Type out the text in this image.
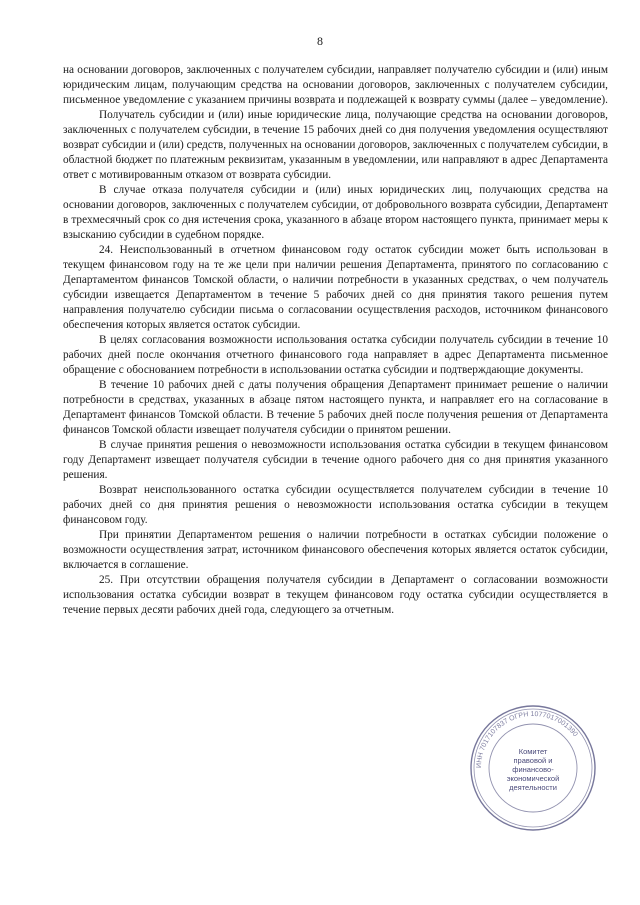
8

на основании договоров, заключенных с получателем субсидии, направляет получателю субсидии и (или) иным юридическим лицам, получающим средства на основании договоров, заключенных с получателем субсидии, письменное уведомление с указанием причины возврата и подлежащей к возврату суммы (далее – уведомление).

Получатель субсидии и (или) иные юридические лица, получающие средства на основании договоров, заключенных с получателем субсидии, в течение 15 рабочих дней со дня получения уведомления осуществляют возврат субсидии и (или) средств, полученных на основании договоров, заключенных с получателем субсидии, в областной бюджет по платежным реквизитам, указанным в уведомлении, или направляют в адрес Департамента ответ с мотивированным отказом от возврата субсидии.

В случае отказа получателя субсидии и (или) иных юридических лиц, получающих средства на основании договоров, заключенных с получателем субсидии, от добровольного возврата субсидии, Департамент в трехмесячный срок со дня истечения срока, указанного в абзаце втором настоящего пункта, принимает меры к взысканию субсидии в судебном порядке.

24. Неиспользованный в отчетном финансовом году остаток субсидии может быть использован в текущем финансовом году на те же цели при наличии решения Департамента, принятого по согласованию с Департаментом финансов Томской области, о наличии потребности в указанных средствах, о чем получатель субсидии извещается Департаментом в течение 5 рабочих дней со дня принятия такого решения путем направления получателю субсидии письма о согласовании осуществления расходов, источником финансового обеспечения которых является остаток субсидии.

В целях согласования возможности использования остатка субсидии получатель субсидии в течение 10 рабочих дней после окончания отчетного финансового года направляет в адрес Департамента письменное обращение с обоснованием потребности в использовании остатка субсидии и подтверждающие документы.

В течение 10 рабочих дней с даты получения обращения Департамент принимает решение о наличии потребности в средствах, указанных в абзаце пятом настоящего пункта, и направляет его на согласование в Департамент финансов Томской области. В течение 5 рабочих дней после получения решения от Департамента финансов Томской области извещает получателя субсидии о принятом решении.

В случае принятия решения о невозможности использования остатка субсидии в текущем финансовом году Департамент извещает получателя субсидии в течение одного рабочего дня со дня принятия указанного решения.

Возврат неиспользованного остатка субсидии осуществляется получателем субсидии в течение 10 рабочих дней со дня принятия решения о невозможности использования остатка субсидии в текущем финансовом году.

При принятии Департаментом решения о наличии потребности в остатках субсидии положение о возможности осуществления затрат, источником финансового обеспечения которых является остаток субсидии, включается в соглашение.

25. При отсутствии обращения получателя субсидии в Департамент о согласовании возможности использования остатка субсидии возврат в текущем финансовом году остатка субсидии осуществляется в течение первых десяти рабочих дней года, следующего за отчетным.

ИНН 7017107837 ОГРН 1077017001390
Комитет
правовой и
финансово-
экономической
деятельности
